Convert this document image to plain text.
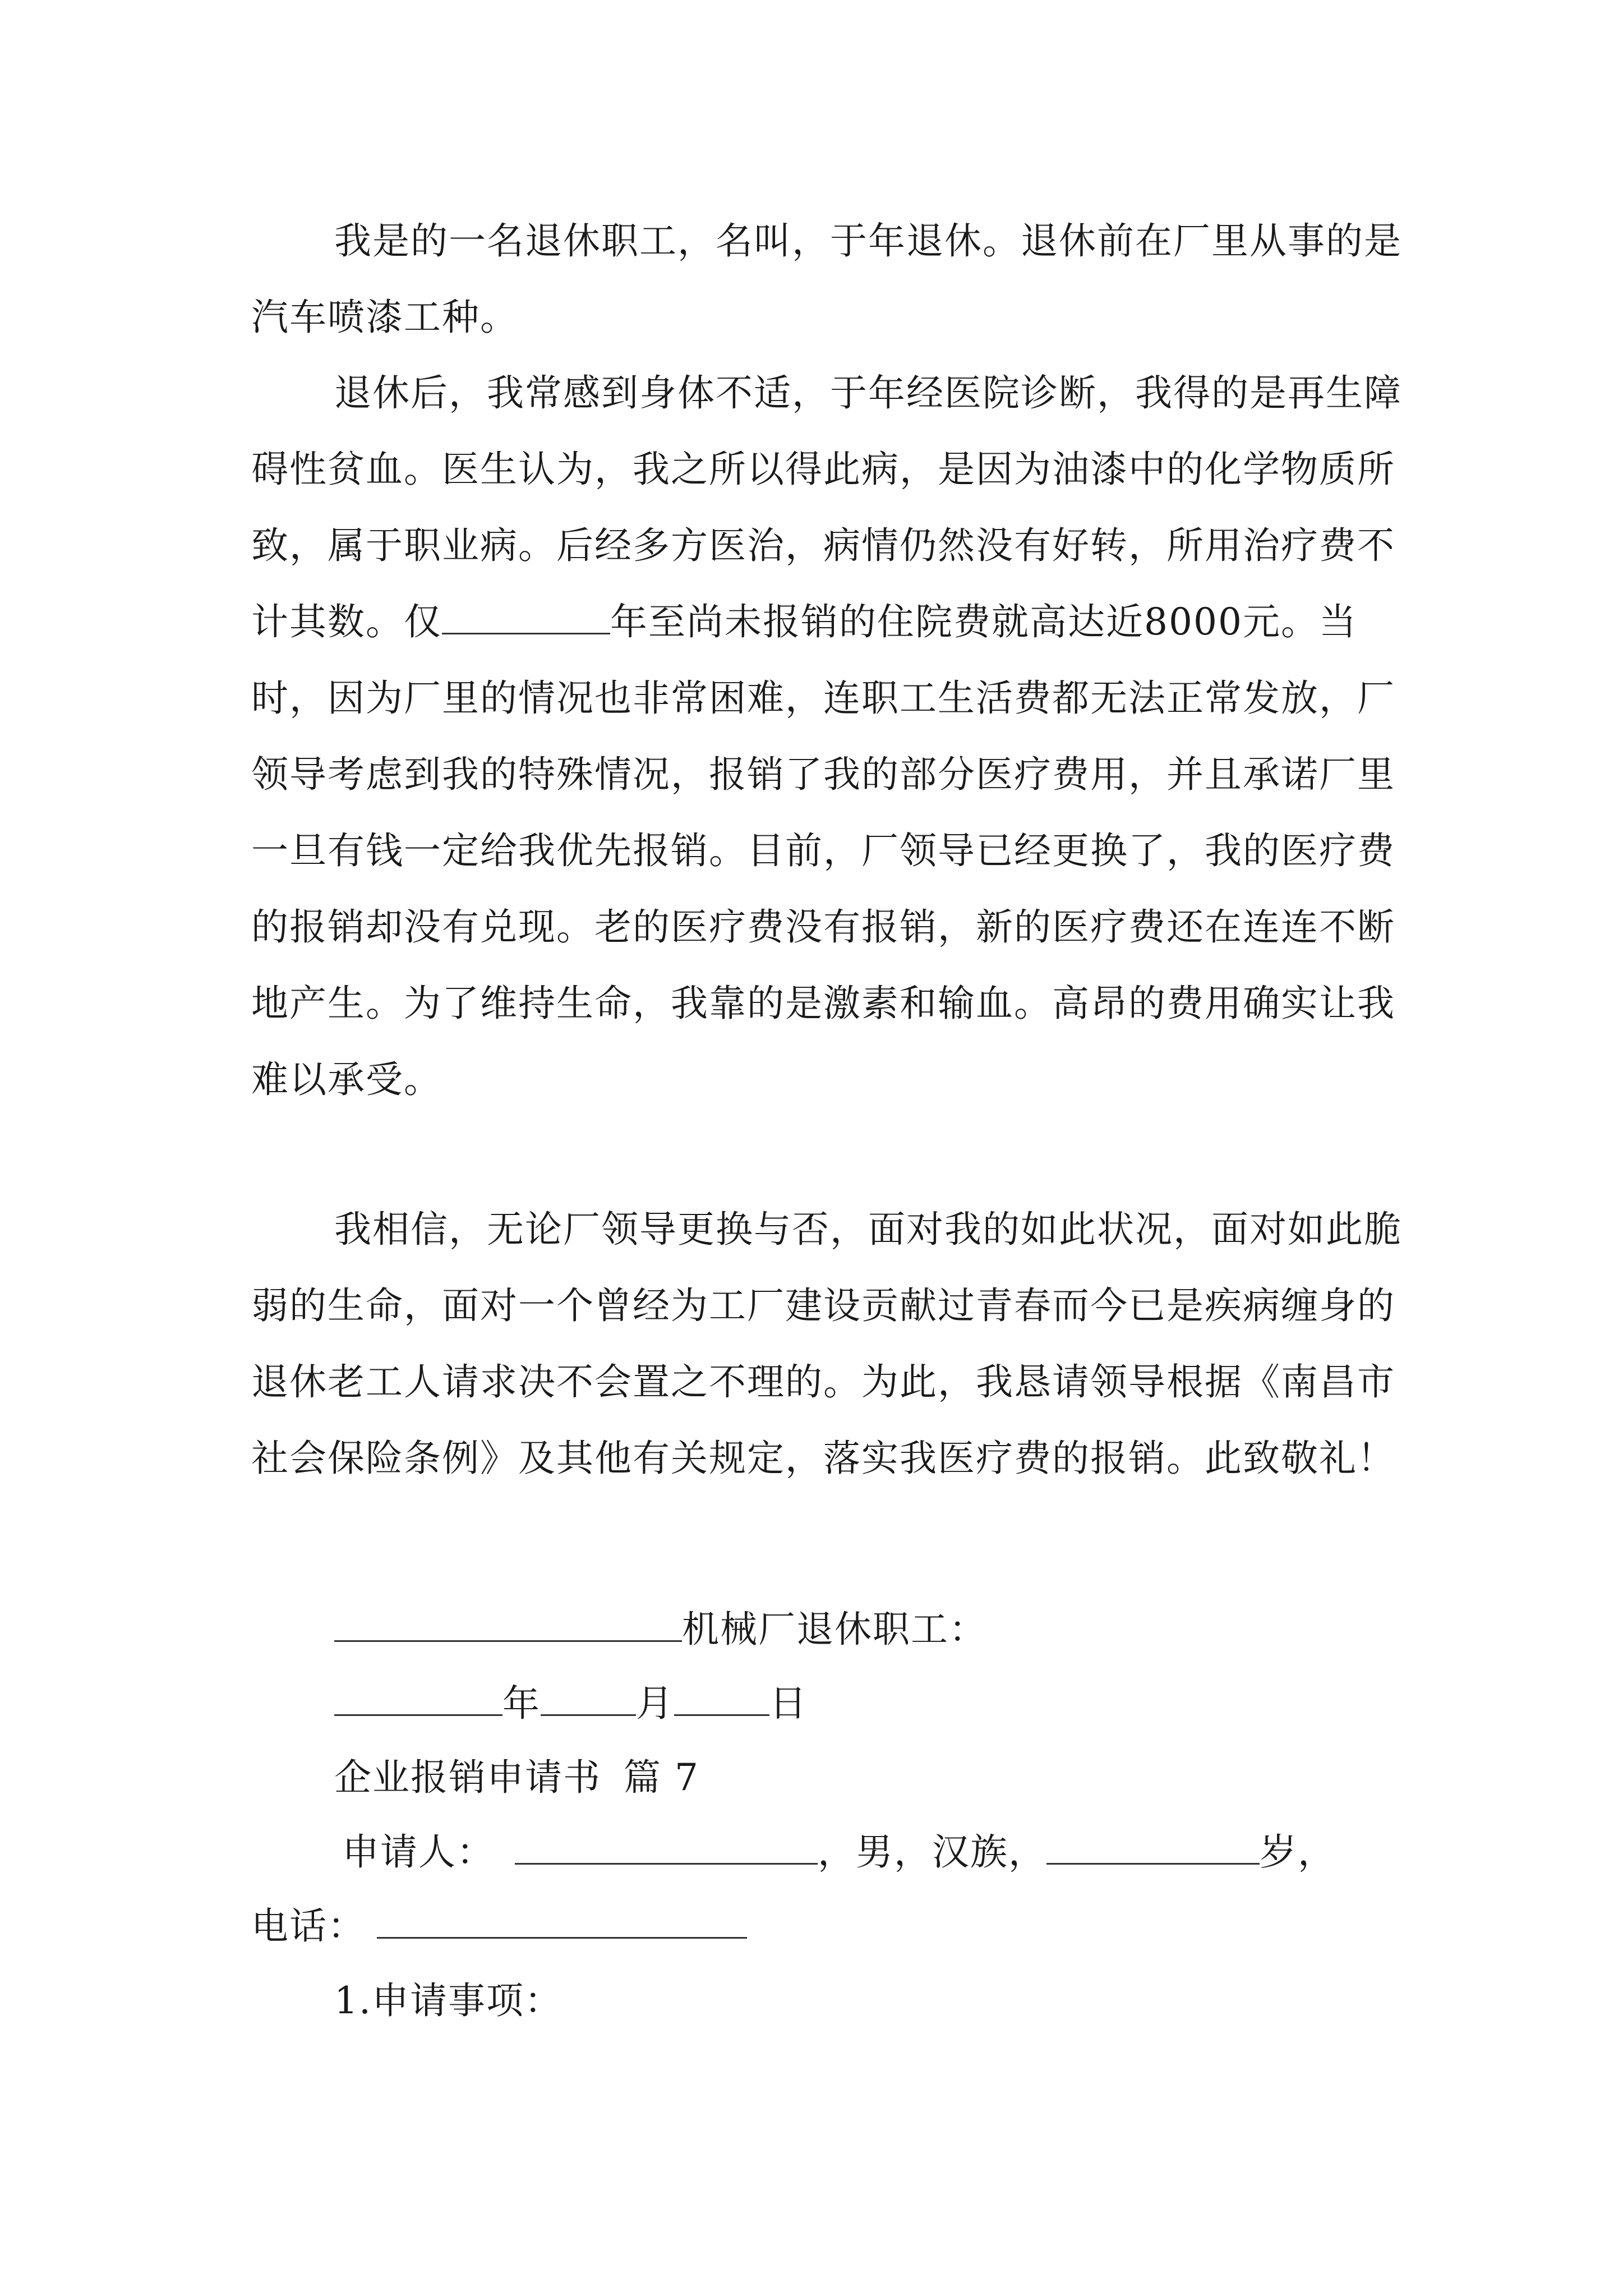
我是的一名退休职工，名叫，于年退休。退休前在厂里从事的是汽车喷漆工种。

退休后，我常感到身体不适，于年经医院诊断，我得的是再生障碍性贫血。医生认为，我之所以得此病，是因为油漆中的化学物质所致，属于职业病。后经多方医治，病情仍然没有好转，所用治疗费不计其数。仅	年至尚未报销的住院费就高达近8000元。当时，因为厂里的情况也非常困难，连职工生活费都无法正常发放，厂领导考虑到我的特殊情况，报销了我的部分医疗费用，并且承诺厂里一旦有钱一定给我优先报销。目前，厂领导已经更换了，我的医疗费的报销却没有兑现。老的医疗费没有报销，新的医疗费还在连连不断地产生。为了维持生命，我靠的是激素和输血。高昂的费用确实让我难以承受。

我相信，无论厂领导更换与否，面对我的如此状况，面对如此脆弱的生命，面对一个曾经为工厂建设贡献过青春而今已是疾病缠身的退休老工人请求决不会置之不理的。为此，我恳请领导根据《南昌市社会保险条例》及其他有关规定，落实我医疗费的报销。此致敬礼！

机械厂退休职工：
年	月	日
企业报销申请书 篇 7
申请人：	，男，汉族，	岁，
电话：
1.申请事项：
